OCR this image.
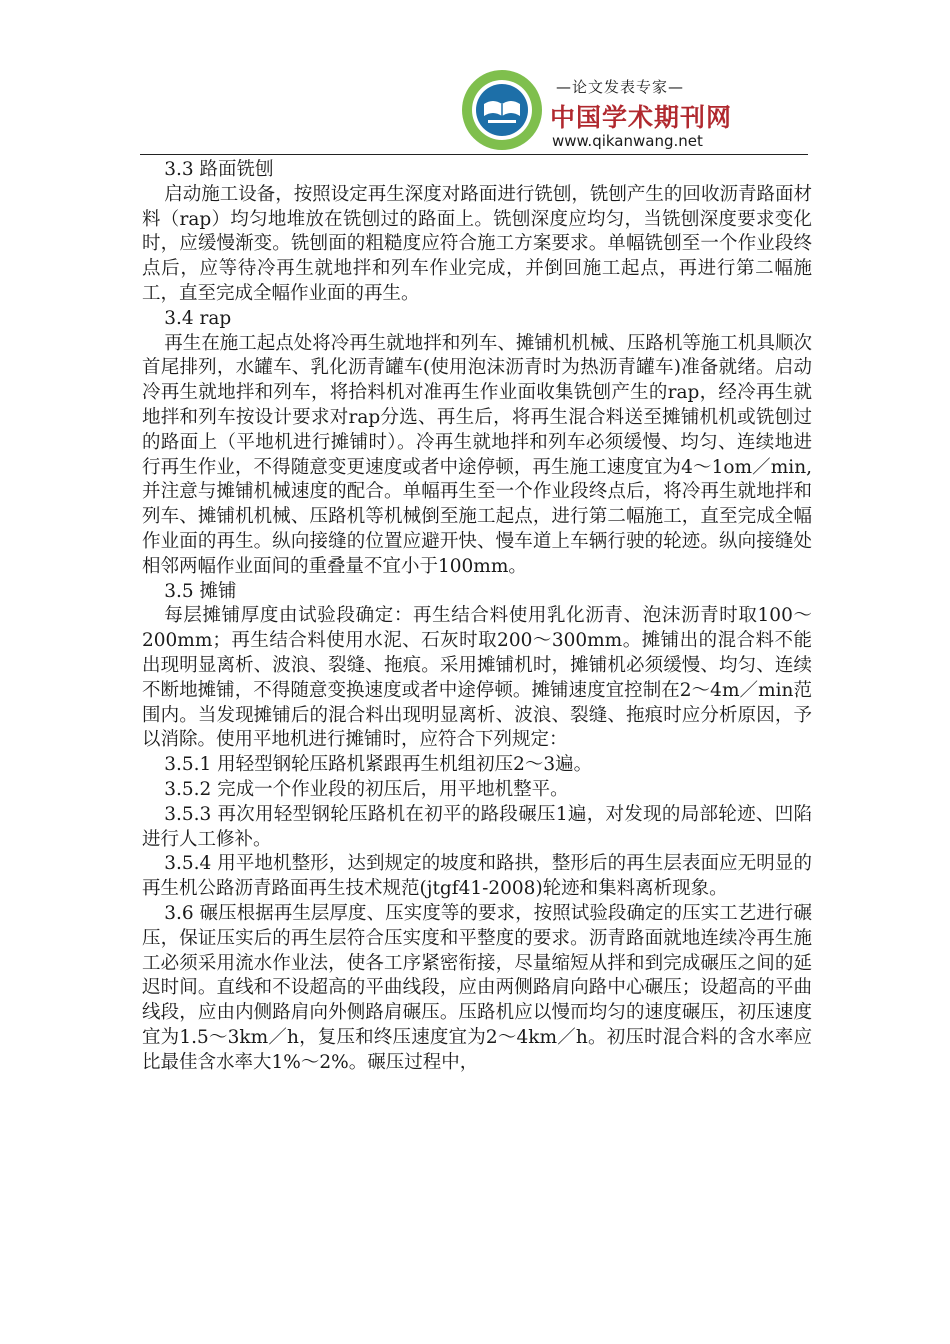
—论文发表专家—
中国学术期刊网
www.qikanwang.net

3.3 路面铣刨

启动施工设备，按照设定再生深度对路面进行铣刨，铣刨产生的回收沥青路面材料（rap）均匀地堆放在铣刨过的路面上。铣刨深度应均匀，当铣刨深度要求变化时，应缓慢渐变。铣刨面的粗糙度应符合施工方案要求。单幅铣刨至一个作业段终点后，应等待冷再生就地拌和列车作业完成，并倒回施工起点，再进行第二幅施工，直至完成全幅作业面的再生。

3.4 rap

再生在施工起点处将冷再生就地拌和列车、摊铺机机械、压路机等施工机具顺次首尾排列，水罐车、乳化沥青罐车(使用泡沫沥青时为热沥青罐车)准备就绪。启动冷再生就地拌和列车，将拾料机对准再生作业面收集铣刨产生的rap，经冷再生就地拌和列车按设计要求对rap分选、再生后，将再生混合料送至摊铺机机或铣刨过的路面上（平地机进行摊铺时）。冷再生就地拌和列车必须缓慢、均匀、连续地进行再生作业，不得随意变更速度或者中途停顿，再生施工速度宜为4～1om／min,并注意与摊铺机械速度的配合。单幅再生至一个作业段终点后，将冷再生就地拌和列车、摊铺机机械、压路机等机械倒至施工起点，进行第二幅施工，直至完成全幅作业面的再生。纵向接缝的位置应避开快、慢车道上车辆行驶的轮迹。纵向接缝处相邻两幅作业面间的重叠量不宜小于100mm。

3.5 摊铺

每层摊铺厚度由试验段确定：再生结合料使用乳化沥青、泡沫沥青时取100～200mm；再生结合料使用水泥、石灰时取200～300mm。摊铺出的混合料不能出现明显离析、波浪、裂缝、拖痕。采用摊铺机时，摊铺机必须缓慢、均匀、连续不断地摊铺，不得随意变换速度或者中途停顿。摊铺速度宜控制在2～4m／min范围内。当发现摊铺后的混合料出现明显离析、波浪、裂缝、拖痕时应分析原因，予以消除。使用平地机进行摊铺时，应符合下列规定：

3.5.1 用轻型钢轮压路机紧跟再生机组初压2～3遍。

3.5.2 完成一个作业段的初压后，用平地机整平。

3.5.3 再次用轻型钢轮压路机在初平的路段碾压1遍，对发现的局部轮迹、凹陷进行人工修补。

3.5.4 用平地机整形，达到规定的坡度和路拱，整形后的再生层表面应无明显的再生机公路沥青路面再生技术规范(jtgf41-2008)轮迹和集料离析现象。

3.6 碾压根据再生层厚度、压实度等的要求，按照试验段确定的压实工艺进行碾压，保证压实后的再生层符合压实度和平整度的要求。沥青路面就地连续冷再生施工必须采用流水作业法，使各工序紧密衔接，尽量缩短从拌和到完成碾压之间的延迟时间。直线和不设超高的平曲线段，应由两侧路肩向路中心碾压；设超高的平曲线段，应由内侧路肩向外侧路肩碾压。压路机应以慢而均匀的速度碾压，初压速度宜为1.5～3km／h，复压和终压速度宜为2～4km／h。初压时混合料的含水率应比最佳含水率大1%～2%。碾压过程中，
